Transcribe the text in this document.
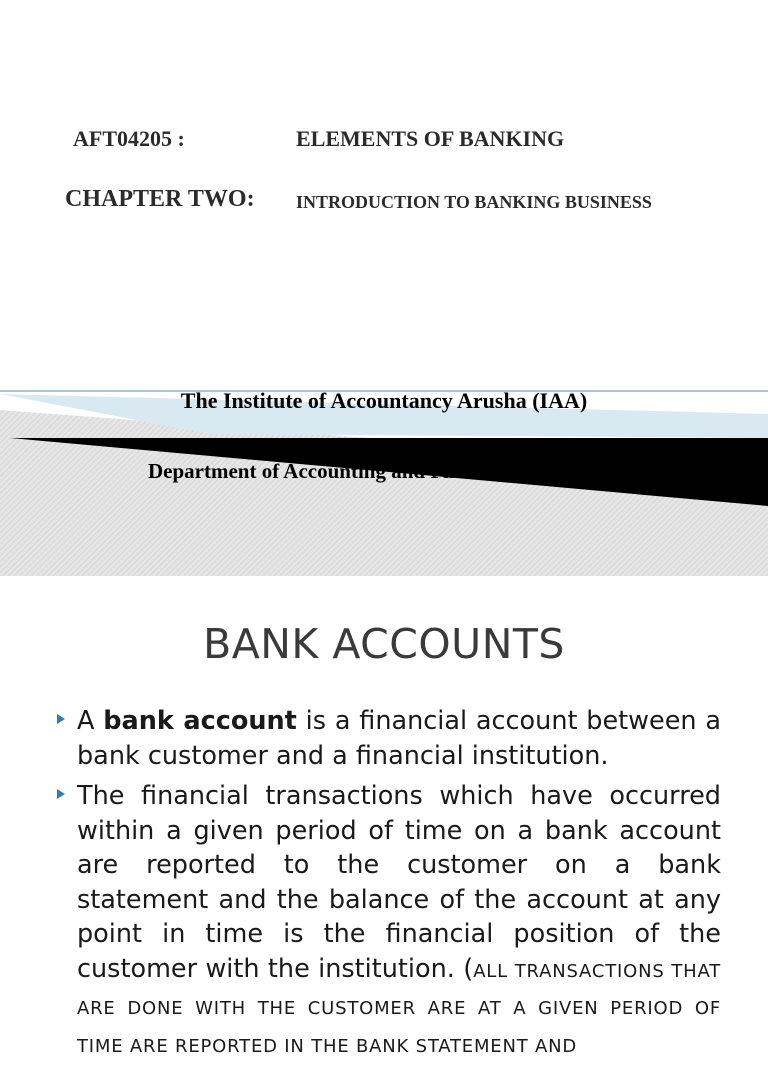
AFT04205 :	ELEMENTS OF BANKING
CHAPTER TWO: INTRODUCTION TO BANKING BUSINESS
The Institute of Accountancy Arusha (IAA)
Department of Accounting and Finance
BANK ACCOUNTS
A bank account is a financial account between a bank customer and a financial institution.
The financial transactions which have occurred within a given period of time on a bank account are reported to the customer on a bank statement and the balance of the account at any point in time is the financial position of the customer with the institution. (ALL TRANSACTIONS THAT ARE DONE WITH THE CUSTOMER ARE AT A GIVEN PERIOD OF TIME ARE REPORTED IN THE BANK STATEMENT AND
